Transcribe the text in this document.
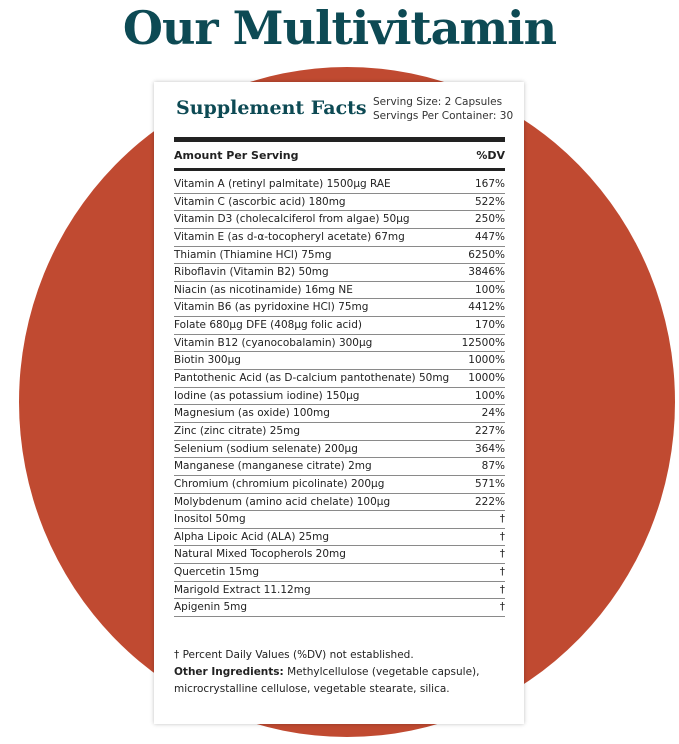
Our Multivitamin
Supplement Facts Serving Size: 2 Capsules
Servings Per Container: 30
Amount Per Serving	%DV
Vitamin A (retinyl palmitate) 1500µg RAE	167%
Vitamin C (ascorbic acid) 180mg	522%
Vitamin D3 (cholecalciferol from algae) 50µg	250%
Vitamin E (as d-α-tocopheryl acetate) 67mg	447%
Thiamin (Thiamine HCl) 75mg	6250%
Riboflavin (Vitamin B2) 50mg	3846%
Niacin (as nicotinamide) 16mg NE	100%
Vitamin B6 (as pyridoxine HCl) 75mg	4412%
Folate 680µg DFE (408µg folic acid)	170%
Vitamin B12 (cyanocobalamin) 300µg	12500%
Biotin 300µg	1000%
Pantothenic Acid (as D-calcium pantothenate) 50mg 1000%
Iodine (as potassium iodine) 150µg	100%
Magnesium (as oxide) 100mg	24%
Zinc (zinc citrate) 25mg	227%
Selenium (sodium selenate) 200µg	364%
Manganese (manganese citrate) 2mg	87%
Chromium (chromium picolinate) 200µg	571%
Molybdenum (amino acid chelate) 100µg	222%
Inositol 50mg	†
Alpha Lipoic Acid (ALA) 25mg	†
Natural Mixed Tocopherols 20mg	†
Quercetin 15mg	†
Marigold Extract 11.12mg	†
Apigenin 5mg	†
† Percent Daily Values (%DV) not established.
Other Ingredients: Methylcellulose (vegetable capsule), microcrystalline cellulose, vegetable stearate, silica.
